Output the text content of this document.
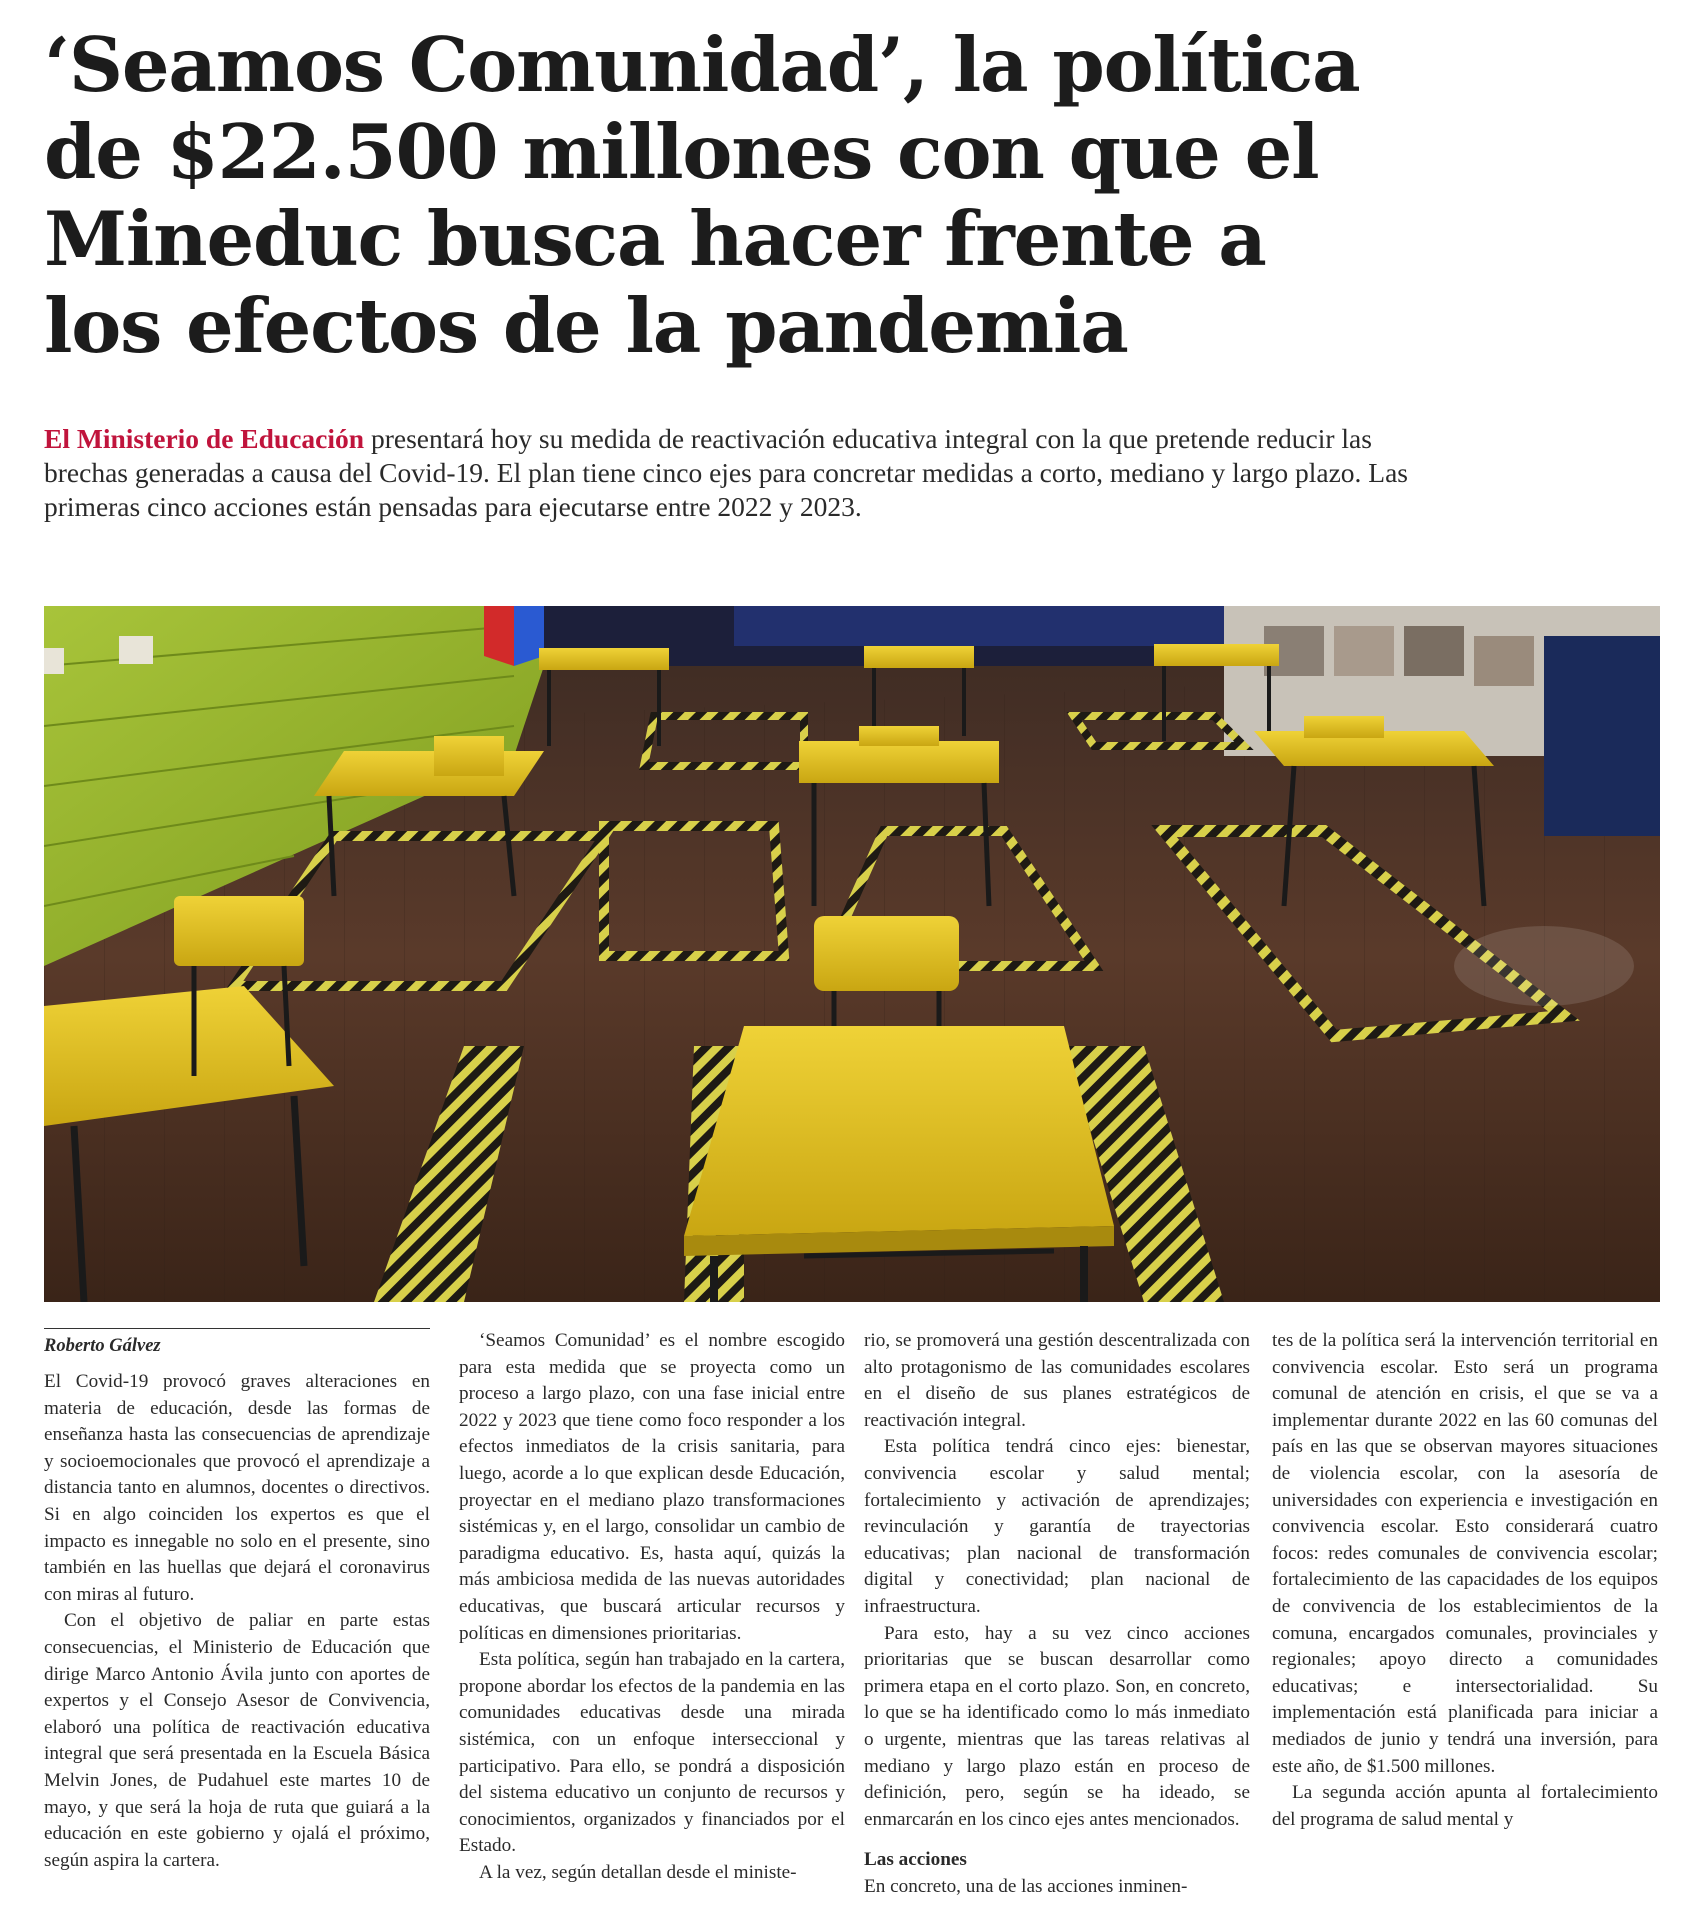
‘Seamos Comunidad’, la política de $22.500 millones con que el Mineduc busca hacer frente a los efectos de la pandemia

El Ministerio de Educación presentará hoy su medida de reactivación educativa integral con la que pretende reducir las brechas generadas a causa del Covid-19. El plan tiene cinco ejes para concretar medidas a corto, mediano y largo plazo. Las primeras cinco acciones están pensadas para ejecutarse entre 2022 y 2023.

Roberto Gálvez

El Covid-19 provocó graves alteraciones en materia de educación, desde las formas de enseñanza hasta las consecuencias de aprendizaje y socioemocionales que provocó el aprendizaje a distancia tanto en alumnos, docentes o directivos. Si en algo coinciden los expertos es que el impacto es innegable no solo en el presente, sino también en las huellas que dejará el coronavirus con miras al futuro.

Con el objetivo de paliar en parte estas consecuencias, el Ministerio de Educación que dirige Marco Antonio Ávila junto con aportes de expertos y el Consejo Asesor de Convivencia, elaboró una política de reactivación educativa integral que será presentada en la Escuela Básica Melvin Jones, de Pudahuel este martes 10 de mayo, y que será la hoja de ruta que guiará a la educación en este gobierno y ojalá el próximo, según aspira la cartera.

‘Seamos Comunidad’ es el nombre escogido para esta medida que se proyecta como un proceso a largo plazo, con una fase inicial entre 2022 y 2023 que tiene como foco responder a los efectos inmediatos de la crisis sanitaria, para luego, acorde a lo que explican desde Educación, proyectar en el mediano plazo transformaciones sistémicas y, en el largo, consolidar un cambio de paradigma educativo. Es, hasta aquí, quizás la más ambiciosa medida de las nuevas autoridades educativas, que buscará articular recursos y políticas en dimensiones prioritarias.

Esta política, según han trabajado en la cartera, propone abordar los efectos de la pandemia en las comunidades educativas desde una mirada sistémica, con un enfoque interseccional y participativo. Para ello, se pondrá a disposición del sistema educativo un conjunto de recursos y conocimientos, organizados y financiados por el Estado.

A la vez, según detallan desde el ministe-

rio, se promoverá una gestión descentralizada con alto protagonismo de las comunidades escolares en el diseño de sus planes estratégicos de reactivación integral.

Esta política tendrá cinco ejes: bienestar, convivencia escolar y salud mental; fortalecimiento y activación de aprendizajes; revinculación y garantía de trayectorias educativas; plan nacional de transformación digital y conectividad; plan nacional de infraestructura.

Para esto, hay a su vez cinco acciones prioritarias que se buscan desarrollar como primera etapa en el corto plazo. Son, en concreto, lo que se ha identificado como lo más inmediato o urgente, mientras que las tareas relativas al mediano y largo plazo están en proceso de definición, pero, según se ha ideado, se enmarcarán en los cinco ejes antes mencionados.

Las acciones

En concreto, una de las acciones inminen-

tes de la política será la intervención territorial en convivencia escolar. Esto será un programa comunal de atención en crisis, el que se va a implementar durante 2022 en las 60 comunas del país en las que se observan mayores situaciones de violencia escolar, con la asesoría de universidades con experiencia e investigación en convivencia escolar. Esto considerará cuatro focos: redes comunales de convivencia escolar; fortalecimiento de las capacidades de los equipos de convivencia de los establecimientos de la comuna, encargados comunales, provinciales y regionales; apoyo directo a comunidades educativas; e intersectorialidad. Su implementación está planificada para iniciar a mediados de junio y tendrá una inversión, para este año, de $1.500 millones.

La segunda acción apunta al fortalecimiento del programa de salud mental y
